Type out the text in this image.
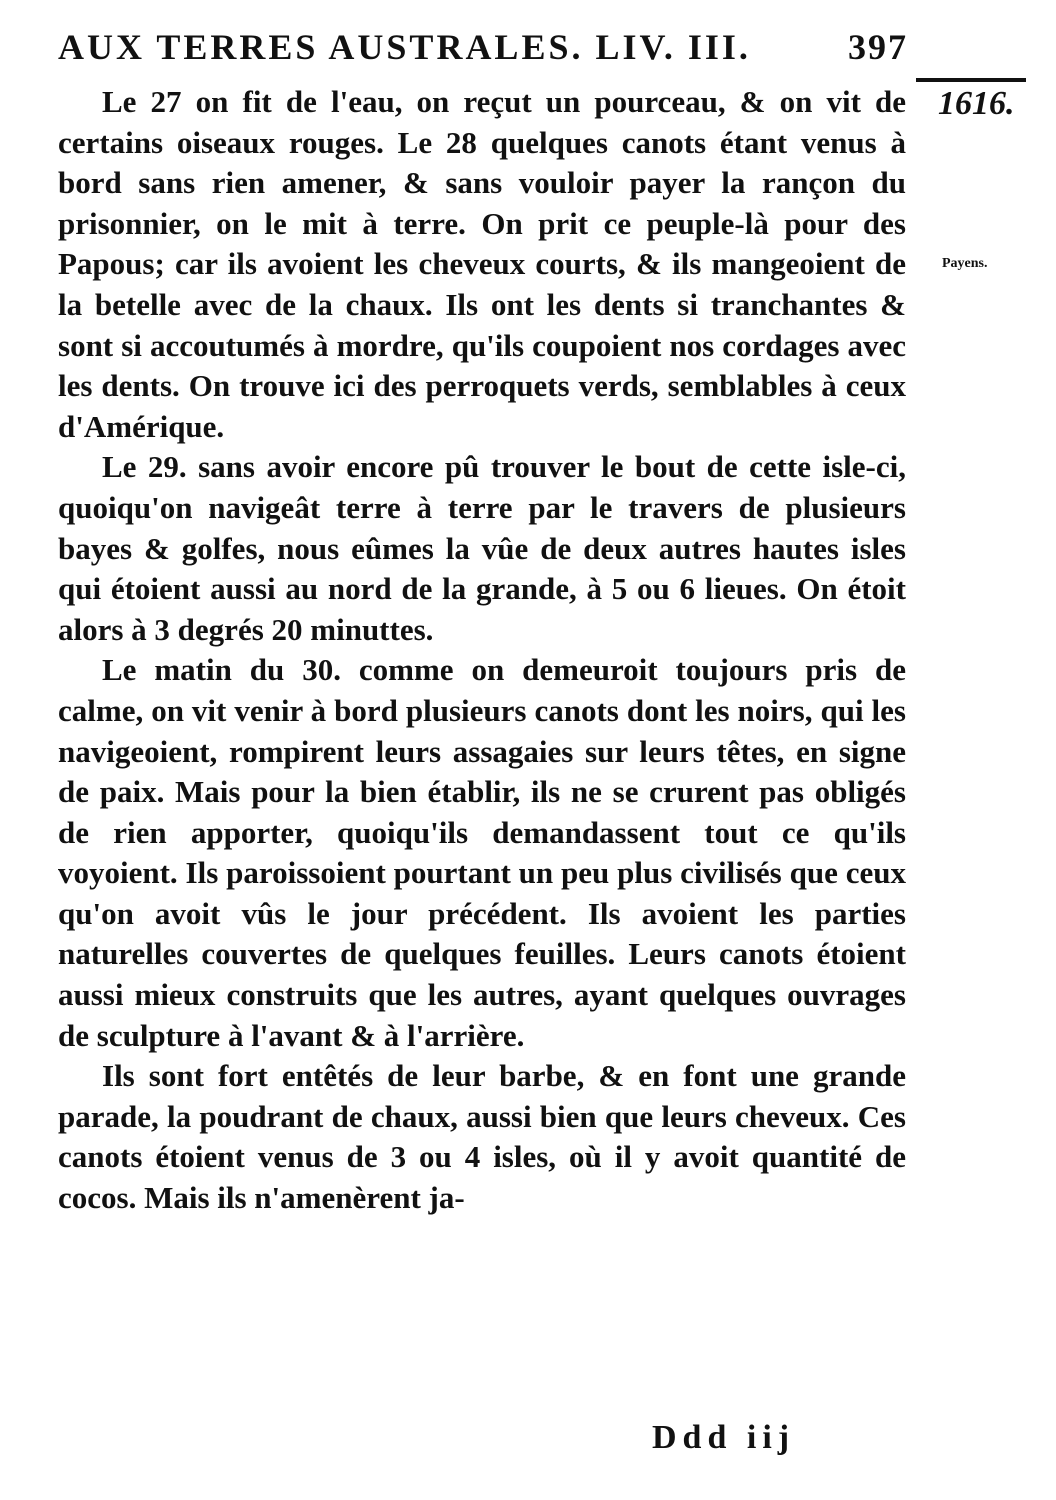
AUX TERRES AUSTRALES. LIV. III.	397
1616.
Payens.

Le 27 on fit de l'eau, on reçut un pourceau, & on vit de certains oiseaux rouges. Le 28 quelques canots étant venus à bord sans rien amener, & sans vouloir payer la rançon du prisonnier, on le mit à terre. On prit ce peuple-là pour des Papous; car ils avoient les cheveux courts, & ils mangeoient de la betelle avec de la chaux. Ils ont les dents si tranchantes & sont si accoutumés à mordre, qu'ils coupoient nos cordages avec les dents. On trouve ici des perroquets verds, semblables à ceux d'Amérique.

Le 29. sans avoir encore pû trouver le bout de cette isle-ci, quoiqu'on navigeât terre à terre par le travers de plusieurs bayes & golfes, nous eûmes la vûe de deux autres hautes isles qui étoient aussi au nord de la grande, à 5 ou 6 lieues. On étoit alors à 3 degrés 20 minuttes.

Le matin du 30. comme on demeuroit toujours pris de calme, on vit venir à bord plusieurs canots dont les noirs, qui les navigeoient, rompirent leurs assagaies sur leurs têtes, en signe de paix. Mais pour la bien établir, ils ne se crurent pas obligés de rien apporter, quoiqu'ils demandassent tout ce qu'ils voyoient. Ils paroissoient pourtant un peu plus civilisés que ceux qu'on avoit vûs le jour précédent. Ils avoient les parties naturelles couvertes de quelques feuilles. Leurs canots étoient aussi mieux construits que les autres, ayant quelques ouvrages de sculpture à l'avant & à l'arrière.

Ils sont fort entêtés de leur barbe, & en font une grande parade, la poudrant de chaux, aussi bien que leurs cheveux. Ces canots étoient venus de 3 ou 4 isles, où il y avoit quantité de cocos. Mais ils n'amenèrent ja-

Ddd iij
